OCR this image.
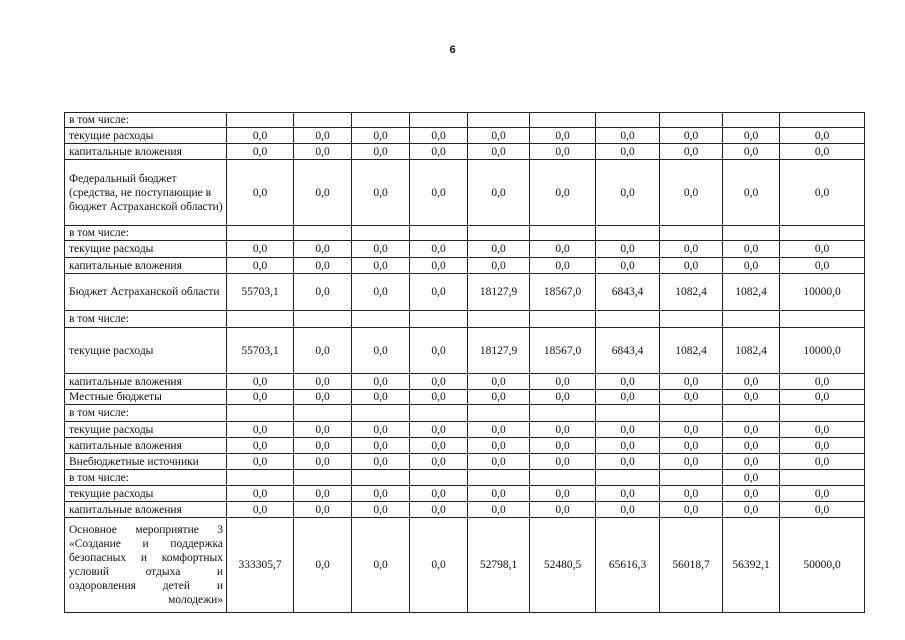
6
в том числе:										
текущие расходы	0,0	0,0	0,0	0,0	0,0	0,0	0,0	0,0	0,0	0,0
капитальные вложения	0,0	0,0	0,0	0,0	0,0	0,0	0,0	0,0	0,0	0,0
Федеральный бюджет (средства, не поступающие в бюджет Астраханской области)	0,0	0,0	0,0	0,0	0,0	0,0	0,0	0,0	0,0	0,0
в том числе:										
текущие расходы	0,0	0,0	0,0	0,0	0,0	0,0	0,0	0,0	0,0	0,0
капитальные вложения	0,0	0,0	0,0	0,0	0,0	0,0	0,0	0,0	0,0	0,0
Бюджет Астраханской области	55703,1	0,0	0,0	0,0	18127,9	18567,0	6843,4	1082,4	1082,4	10000,0
в том числе:										
текущие расходы	55703,1	0,0	0,0	0,0	18127,9	18567,0	6843,4	1082,4	1082,4	10000,0
капитальные вложения	0,0	0,0	0,0	0,0	0,0	0,0	0,0	0,0	0,0	0,0
Местные бюджеты	0,0	0,0	0,0	0,0	0,0	0,0	0,0	0,0	0,0	0,0
в том числе:										
текущие расходы	0,0	0,0	0,0	0,0	0,0	0,0	0,0	0,0	0,0	0,0
капитальные вложения	0,0	0,0	0,0	0,0	0,0	0,0	0,0	0,0	0,0	0,0
Внебюджетные источники	0,0	0,0	0,0	0,0	0,0	0,0	0,0	0,0	0,0	0,0
в том числе:									0,0	
текущие расходы	0,0	0,0	0,0	0,0	0,0	0,0	0,0	0,0	0,0	0,0
капитальные вложения	0,0	0,0	0,0	0,0	0,0	0,0	0,0	0,0	0,0	0,0
Основное мероприятие 3 «Создание и поддержка безопасных и комфортных условий отдыха и оздоровления детей и молодежи»	333305,7	0,0	0,0	0,0	52798,1	52480,5	65616,3	56018,7	56392,1	50000,0
